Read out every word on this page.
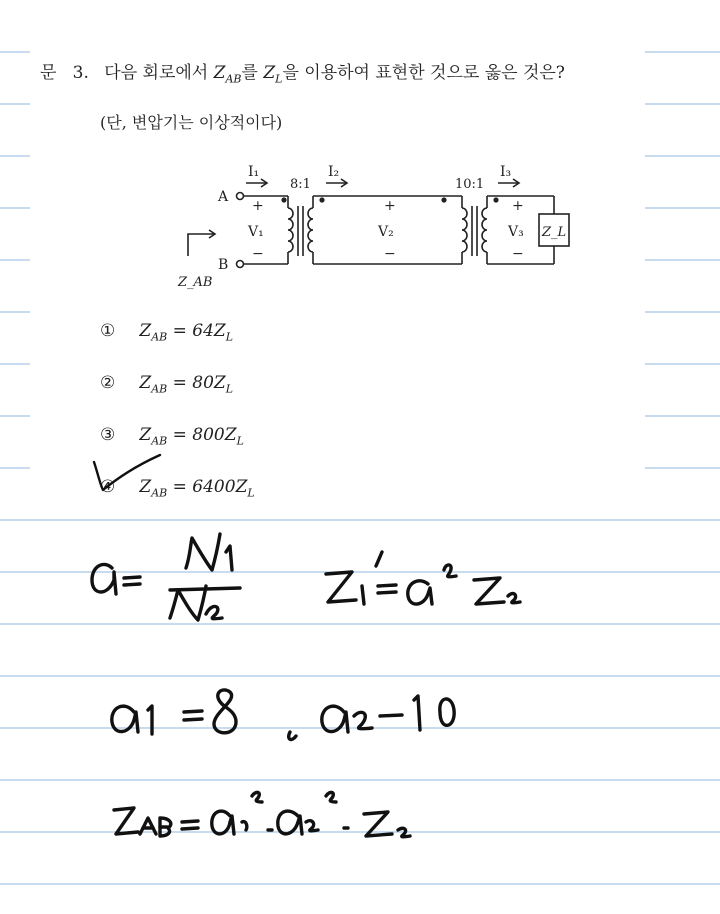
문 3. 다음 회로에서 $Z_{AB}$를 $Z_L$을 이용하여 표현한 것으로 옳은 것은?
(단, 변압기는 이상적이다)
A
B
I₁	I₂	I₃
8:1	10:1
+
V₁
−
+
V₂
−
+
V₃
−
Z_L
Z_AB
① $Z_{AB} = 64Z_L$
② $Z_{AB} = 80Z_L$
③ $Z_{AB} = 800Z_L$
④ $Z_{AB} = 6400Z_L$
